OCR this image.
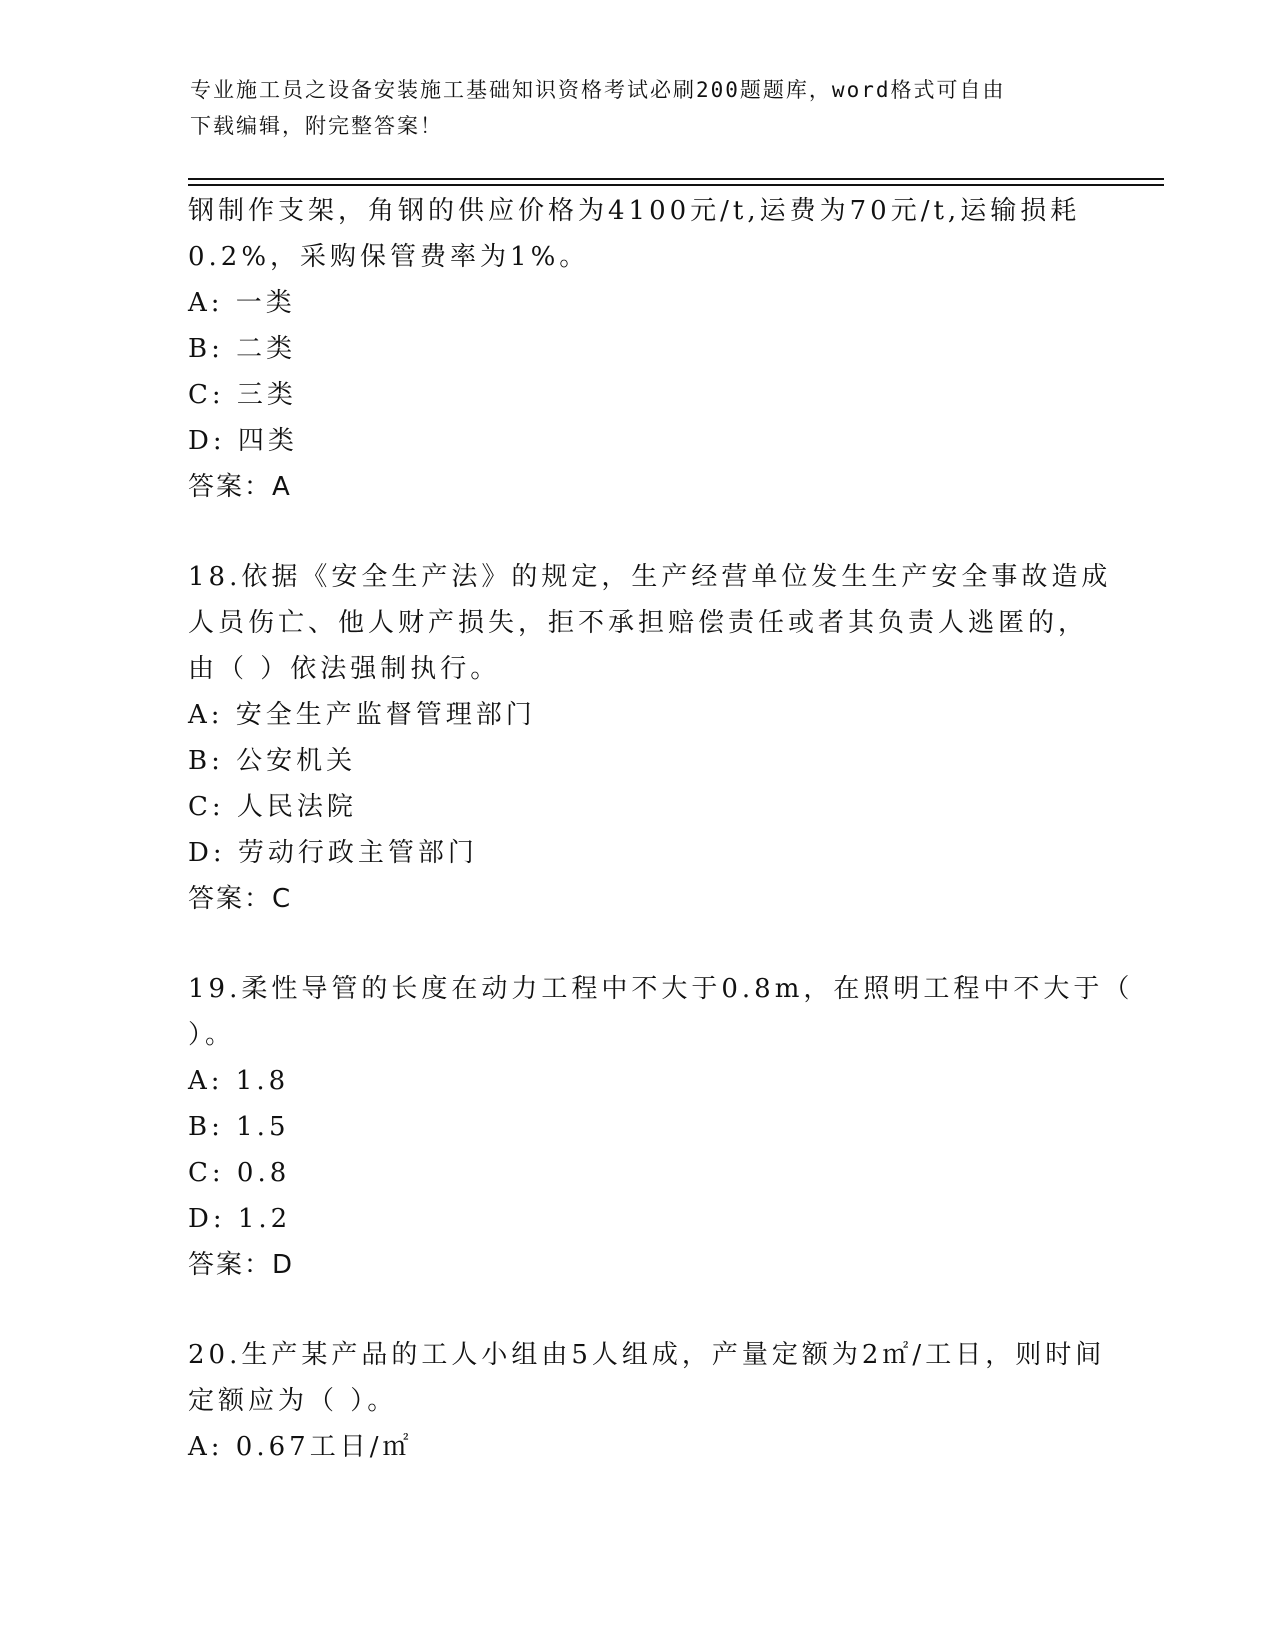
专业施工员之设备安装施工基础知识资格考试必刷200题题库，word格式可自由
下载编辑，附完整答案！
钢制作支架，角钢的供应价格为4100元/t,运费为70元/t,运输损耗
0.2%，采购保管费率为1%。
A: 一类
B: 二类
C: 三类
D: 四类
答案：A
18.依据《安全生产法》的规定，生产经营单位发生生产安全事故造成
人员伤亡、他人财产损失，拒不承担赔偿责任或者其负责人逃匿的，
由（ ）依法强制执行。
A: 安全生产监督管理部门
B: 公安机关
C: 人民法院
D: 劳动行政主管部门
答案：C
19.柔性导管的长度在动力工程中不大于0.8m，在照明工程中不大于（
）。
A: 1.8
B: 1.5
C: 0.8
D: 1.2
答案：D
20.生产某产品的工人小组由5人组成，产量定额为2㎡/工日，则时间
定额应为（ ）。
A: 0.67工日/㎡
